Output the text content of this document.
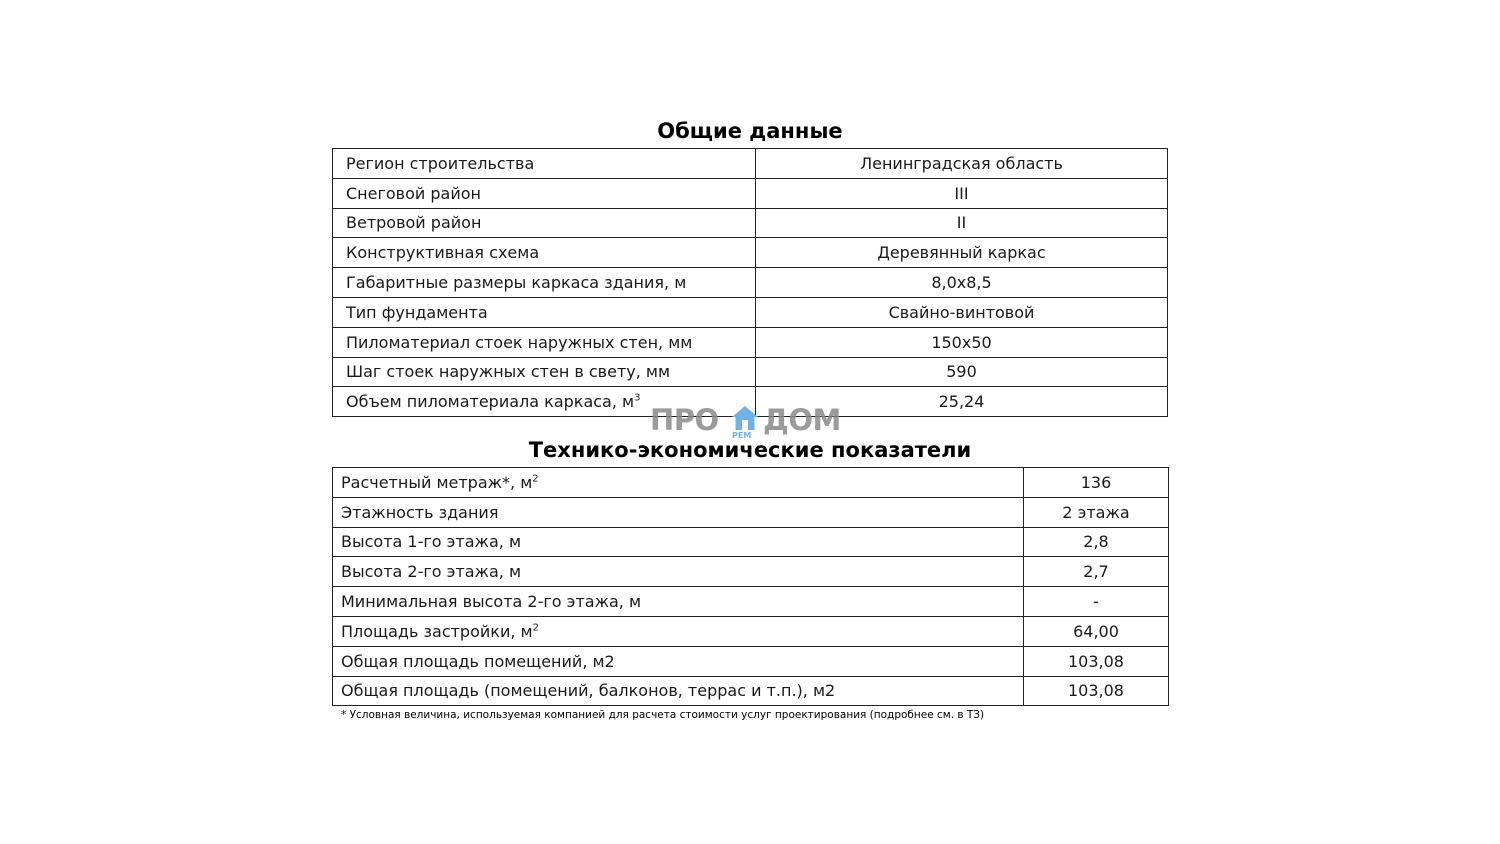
Общие данные
Регион строительства	Ленинградская область
Снеговой район	III
Ветровой район	II
Конструктивная схема	Деревянный каркас
Габаритные размеры каркаса здания, м	8,0х8,5
Тип фундамента	Свайно-винтовой
Пиломатериал стоек наружных стен, мм	150х50
Шаг стоек наружных стен в свету, мм	590
Объем пиломатериала каркаса, $м^3$	25,24
ПРО РЕМ ДОМ
Технико-экономические показатели
Расчетный метраж*, $м^2$	136
Этажность здания	2 этажа
Высота 1-го этажа, м	2,8
Высота 2-го этажа, м	2,7
Минимальная высота 2-го этажа, м	-
Площадь застройки, $м^2$	64,00
Общая площадь помещений, м2	103,08
Общая площадь (помещений, балконов, террас и т.п.), м2	103,08
* Условная величина, используемая компанией для расчета стоимости услуг проектирования (подробнее см. в ТЗ)
